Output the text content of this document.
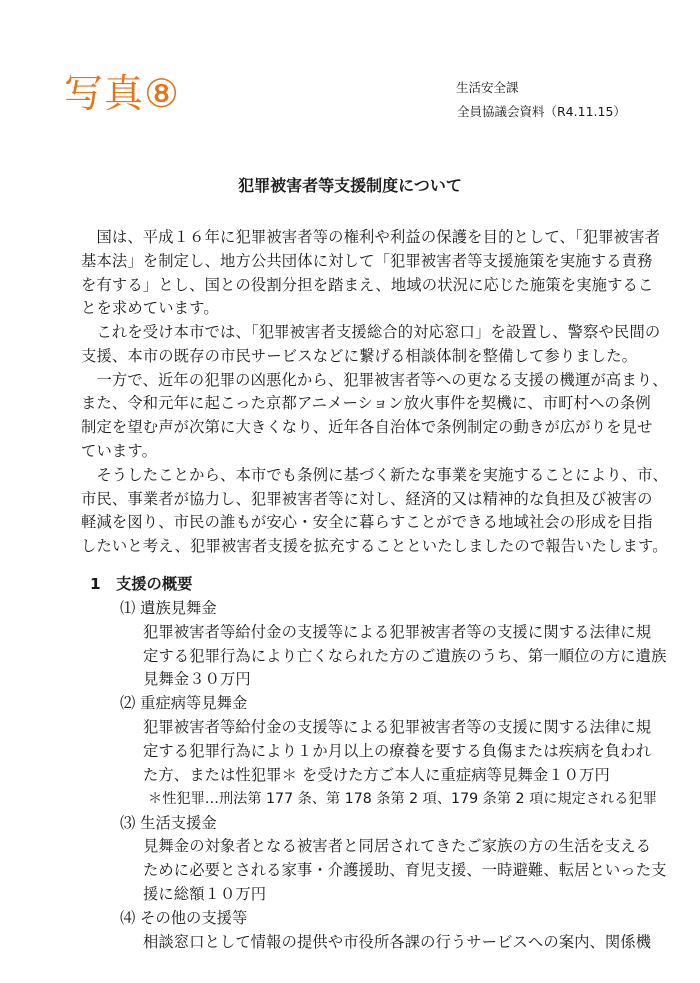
写真⑧	生活安全課
全員協議会資料（R4.11.15）
犯罪被害者等支援制度について
　国は、平成１６年に犯罪被害者等の権利や利益の保護を目的として、「犯罪被害者
基本法」を制定し、地方公共団体に対して「犯罪被害者等支援施策を実施する責務
を有する」とし、国との役割分担を踏まえ、地域の状況に応じた施策を実施するこ
とを求めています。
　これを受け本市では、「犯罪被害者支援総合的対応窓口」を設置し、警察や民間の
支援、本市の既存の市民サービスなどに繋げる相談体制を整備して参りました。
　一方で、近年の犯罪の凶悪化から、犯罪被害者等への更なる支援の機運が高まり、
また、令和元年に起こった京都アニメーション放火事件を契機に、市町村への条例
制定を望む声が次第に大きくなり、近年各自治体で条例制定の動きが広がりを見せ
ています。
　そうしたことから、本市でも条例に基づく新たな事業を実施することにより、市、
市民、事業者が協力し、犯罪被害者等に対し、経済的又は精神的な負担及び被害の
軽減を図り、市民の誰もが安心・安全に暮らすことができる地域社会の形成を目指
したいと考え、犯罪被害者支援を拡充することといたしましたので報告いたします。
1　支援の概要
⑴ 遺族見舞金
犯罪被害者等給付金の支援等による犯罪被害者等の支援に関する法律に規
定する犯罪行為により亡くなられた方のご遺族のうち、第一順位の方に遺族
見舞金３０万円
⑵ 重症病等見舞金
犯罪被害者等給付金の支援等による犯罪被害者等の支援に関する法律に規
定する犯罪行為により１か月以上の療養を要する負傷または疾病を負われ
た方、または性犯罪＊ を受けた方ご本人に重症病等見舞金１０万円
＊性犯罪…刑法第 177 条、第 178 条第 2 項、179 条第 2 項に規定される犯罪
⑶ 生活支援金
見舞金の対象者となる被害者と同居されてきたご家族の方の生活を支える
ために必要とされる家事・介護援助、育児支援、一時避難、転居といった支
援に総額１０万円
⑷ その他の支援等
相談窓口として情報の提供や市役所各課の行うサービスへの案内、関係機
